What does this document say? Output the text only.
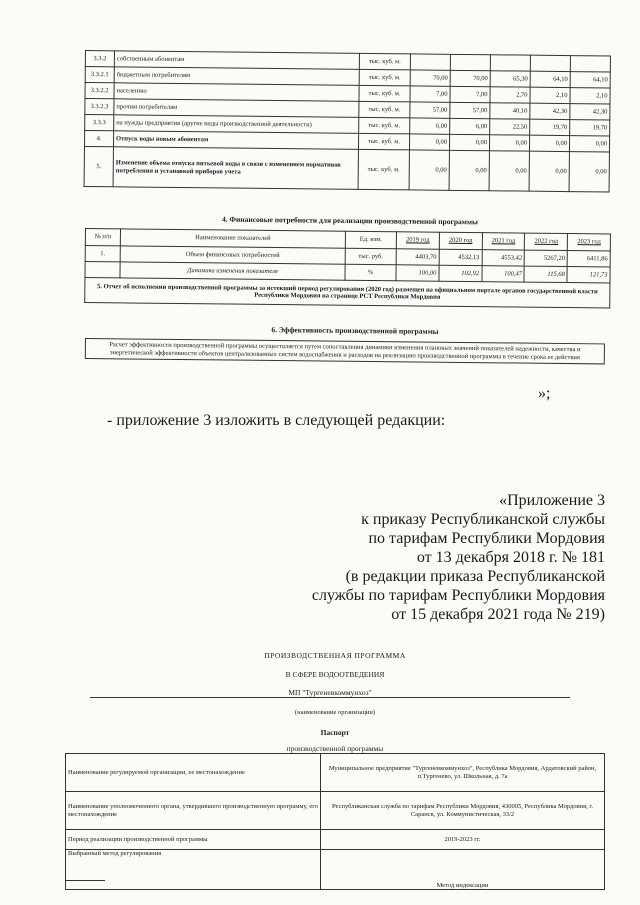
3.3.2	собственным абонентам	тыс. куб. м.					
3.3.2.1	бюджетным потребителям	тыс. куб. м.	70,00	70,00	65,30	64,10	64,10
3.3.2.2	населению	тыс. куб. м.	7,00	7,00	2,70	2,10	2,10
3.3.2.3	прочим потребителям	тыс. куб. м.	57,00	57,00	40,10	42,30	42,30
3.3.3	на нужды предприятия (другие виды производственной деятельности)	тыс. куб. м.	6,00	6,00	22,50	19,70	19,70
4.	Отпуск воды новым абонентам	тыс. куб. м.	0,00	0,00	0,00	0,00	0,00
5.	Изменение объема отпуска питьевой воды в связи с изменением нормативов потребления и установкой приборов учета	тыс. куб. м.	0,00	0,00	0,00	0,00	0,00
4. Финансовые потребности для реализации производственной программы
№ п/п	Наименование показателей	Ед. изм.	2019 год	2020 год	2021 год	2022 год	2023 год
1.	Объем финансовых потребностей	тыс. руб.	4403,70	4532,13	4553,42	5267,20	6411,86
	Динамика изменения показателя	%	100,00	102,92	100,47	115,68	121,73
5. Отчет об исполнении производственной программы за истекший период регулирования (2020 год) размещен на официальном портале органов государственной власти Республики Мордовия на странице РСТ Республики Мордовия							
6. Эффективность производственной программы
Расчет эффективности производственной программы осуществляется путем сопоставления динамики изменения плановых значений показателей надежности, качества и энергетической эффективности объектов централизованных систем водоснабжения и расходов на реализацию производственной программы в течение срока ее действия
»;
- приложение 3 изложить в следующей редакции:
«Приложение 3
к приказу Республиканской службы
по тарифам Республики Мордовия
от 13 декабря 2018 г. № 181
(в редакции приказа Республиканской
службы по тарифам Республики Мордовия
от 15 декабря 2021 года № 219)
ПРОИЗВОДСТВЕННАЯ ПРОГРАММА
В СФЕРЕ ВОДООТВЕДЕНИЯ
МП "Тургеневкоммунхоз"
(наименование организации)
Паспорт
производственной программы
Наименование регулируемой организации, ее местонахождение	Муниципальное предприятие "Тургеневкоммунхоз", Республика Мордовия, Ардатовский район, п.Тургенево, ул. Школьная, д. 7а
Наименование уполномоченного органа, утвердившего производственную программу, его местонахождение	Республиканская служба по тарифам Республики Мордовия, 430005, Республика Мордовия, г. Саранск, ул. Коммунистическая, 33/2
Период реализации производственной программы	2019-2023 гг.
Выбранный метод регулирования	Метод индексации
